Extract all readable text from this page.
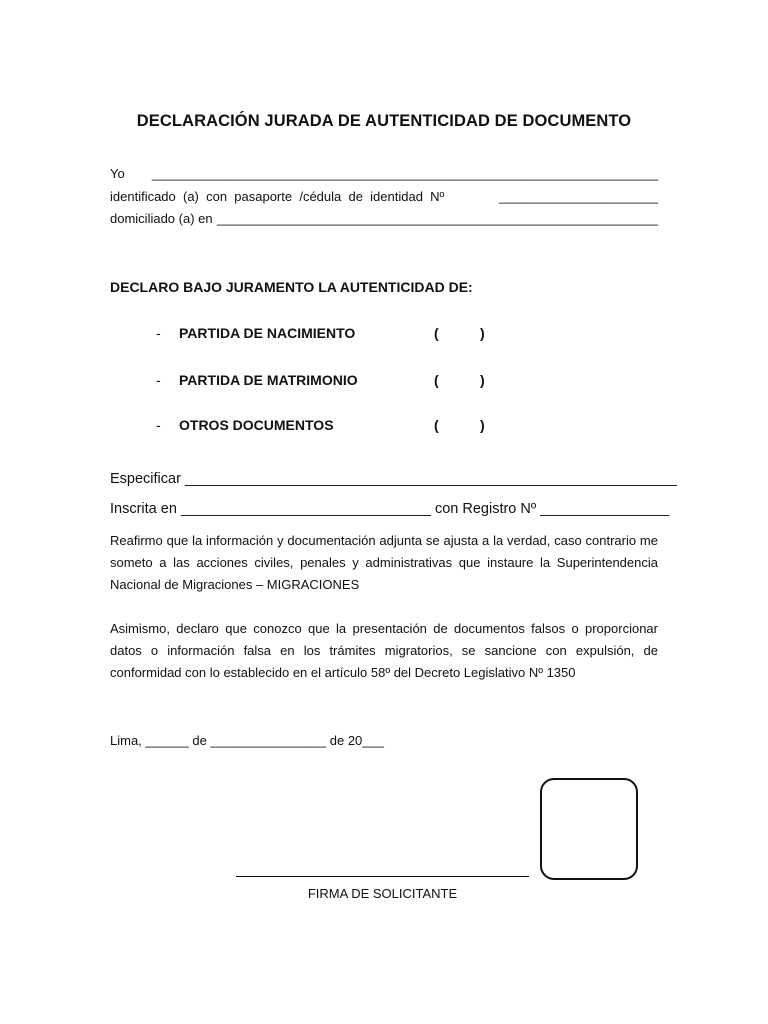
DECLARACIÓN JURADA DE AUTENTICIDAD DE DOCUMENTO
Yo ______________________________________________________________________
identificado  (a)  con  pasaporte  /cédula  de  identidad  Nº	______________________
domiciliado (a) en _____________________________________________________________
DECLARO BAJO JURAMENTO LA AUTENTICIDAD DE:
- PARTIDA DE NACIMIENTO	(	)
- PARTIDA DE MATRIMONIO	(	)
- OTROS DOCUMENTOS	(	)
Especificar _____________________________________________________________
Inscrita en _______________________________ con Registro Nº ________________
Reafirmo que la información y documentación adjunta se ajusta a la verdad, caso contrario me someto a las acciones civiles, penales y administrativas que instaure la Superintendencia Nacional de Migraciones – MIGRACIONES
Asimismo, declaro que conozco que la presentación de documentos falsos o proporcionar datos o información falsa en los trámites migratorios, se sancione con expulsión, de conformidad con lo establecido en el artículo 58º del Decreto Legislativo Nº 1350
Lima, ______ de ________________ de 20___
FIRMA DE SOLICITANTE
